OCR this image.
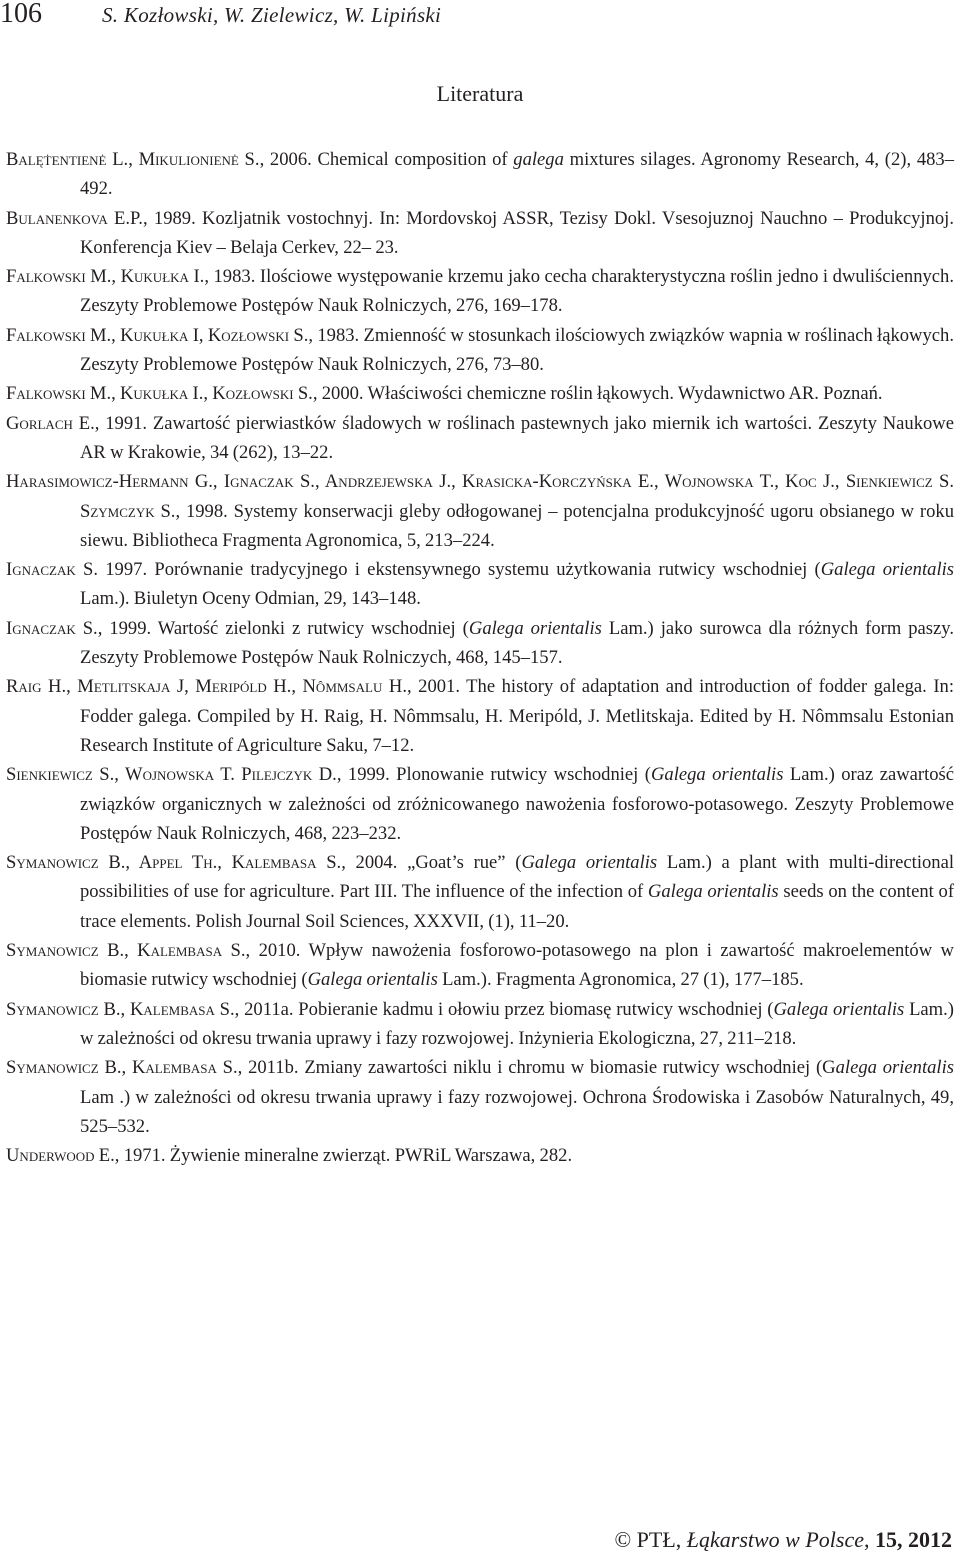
106	S. Kozłowski, W. Zielewicz, W. Lipiński
Literatura
Balęṫentienė L., Mikulionienė S., 2006. Chemical composition of galega mixtures silages. Agronomy Research, 4, (2), 483–492.
Bulanenkova E.P., 1989. Kozljatnik vostochnyj. In: Mordovskoj ASSR, Tezisy Dokl. Vsesojuznoj Nauchno – Produkcyjnoj. Konferencja Kiev – Belaja Cerkev, 22– 23.
Falkowski M., Kukułka I., 1983. Ilościowe występowanie krzemu jako cecha charakterystyczna roślin jedno i dwuliściennych. Zeszyty Problemowe Postępów Nauk Rolniczych, 276, 169–178.
Falkowski M., Kukułka I, Kozłowski S., 1983. Zmienność w stosunkach ilościowych związków wapnia w roślinach łąkowych. Zeszyty Problemowe Postępów Nauk Rolniczych, 276, 73–80.
Falkowski M., Kukułka I., Kozłowski S., 2000. Właściwości chemiczne roślin łąkowych. Wydawnictwo AR. Poznań.
Gorlach E., 1991. Zawartość pierwiastków śladowych w roślinach pastewnych jako miernik ich wartości. Zeszyty Naukowe AR w Krakowie, 34 (262), 13–22.
Harasimowicz-Hermann G., Ignaczak S., Andrzejewska J., Krasicka-Korczyńska E., Wojnowska T., Koc J., Sienkiewicz S. Szymczyk S., 1998. Systemy konserwacji gleby odłogowanej – potencjalna produkcyjność ugoru obsianego w roku siewu. Bibliotheca Fragmenta Agronomica, 5, 213–224.
Ignaczak S. 1997. Porównanie tradycyjnego i ekstensywnego systemu użytkowania rutwicy wschodniej (Galega orientalis Lam.). Biuletyn Oceny Odmian, 29, 143–148.
Ignaczak S., 1999. Wartość zielonki z rutwicy wschodniej (Galega orientalis Lam.) jako surowca dla różnych form paszy. Zeszyty Problemowe Postępów Nauk Rolniczych, 468, 145–157.
Raig H., Metlitskaja J, Meripóld H., Nômmsalu H., 2001. The history of adaptation and introduction of fodder galega. In: Fodder galega. Compiled by H. Raig, H. Nômmsalu, H. Meripóld, J. Metlitskaja. Edited by H. Nômmsalu Estonian Research Institute of Agriculture Saku, 7–12.
Sienkiewicz S., Wojnowska T. Pilejczyk D., 1999. Plonowanie rutwicy wschodniej (Galega orientalis Lam.) oraz zawartość związków organicznych w zależności od zróżnicowanego nawożenia fosforowo-potasowego. Zeszyty Problemowe Postępów Nauk Rolniczych, 468, 223–232.
Symanowicz B., Appel Th., Kalembasa S., 2004. „Goat’s rue” (Galega orientalis Lam.) a plant with multi-directional possibilities of use for agriculture. Part III. The influence of the infection of Galega orientalis seeds on the content of trace elements. Polish Journal Soil Sciences, XXXVII, (1), 11–20.
Symanowicz B., Kalembasa S., 2010. Wpływ nawożenia fosforowo-potasowego na plon i zawartość makroelementów w biomasie rutwicy wschodniej (Galega orientalis Lam.). Fragmenta Agronomica, 27 (1), 177–185.
Symanowicz B., Kalembasa S., 2011a. Pobieranie kadmu i ołowiu przez biomasę rutwicy wschodniej (Galega orientalis Lam.) w zależności od okresu trwania uprawy i fazy rozwojowej. Inżynieria Ekologiczna, 27, 211–218.
Symanowicz B., Kalembasa S., 2011b. Zmiany zawartości niklu i chromu w biomasie rutwicy wschodniej (Galega orientalis Lam .) w zależności od okresu trwania uprawy i fazy rozwojowej. Ochrona Środowiska i Zasobów Naturalnych, 49, 525–532.
Underwood E., 1971. Żywienie mineralne zwierząt. PWRiL Warszawa, 282.
© PTŁ, Łąkarstwo w Polsce, 15, 2012
